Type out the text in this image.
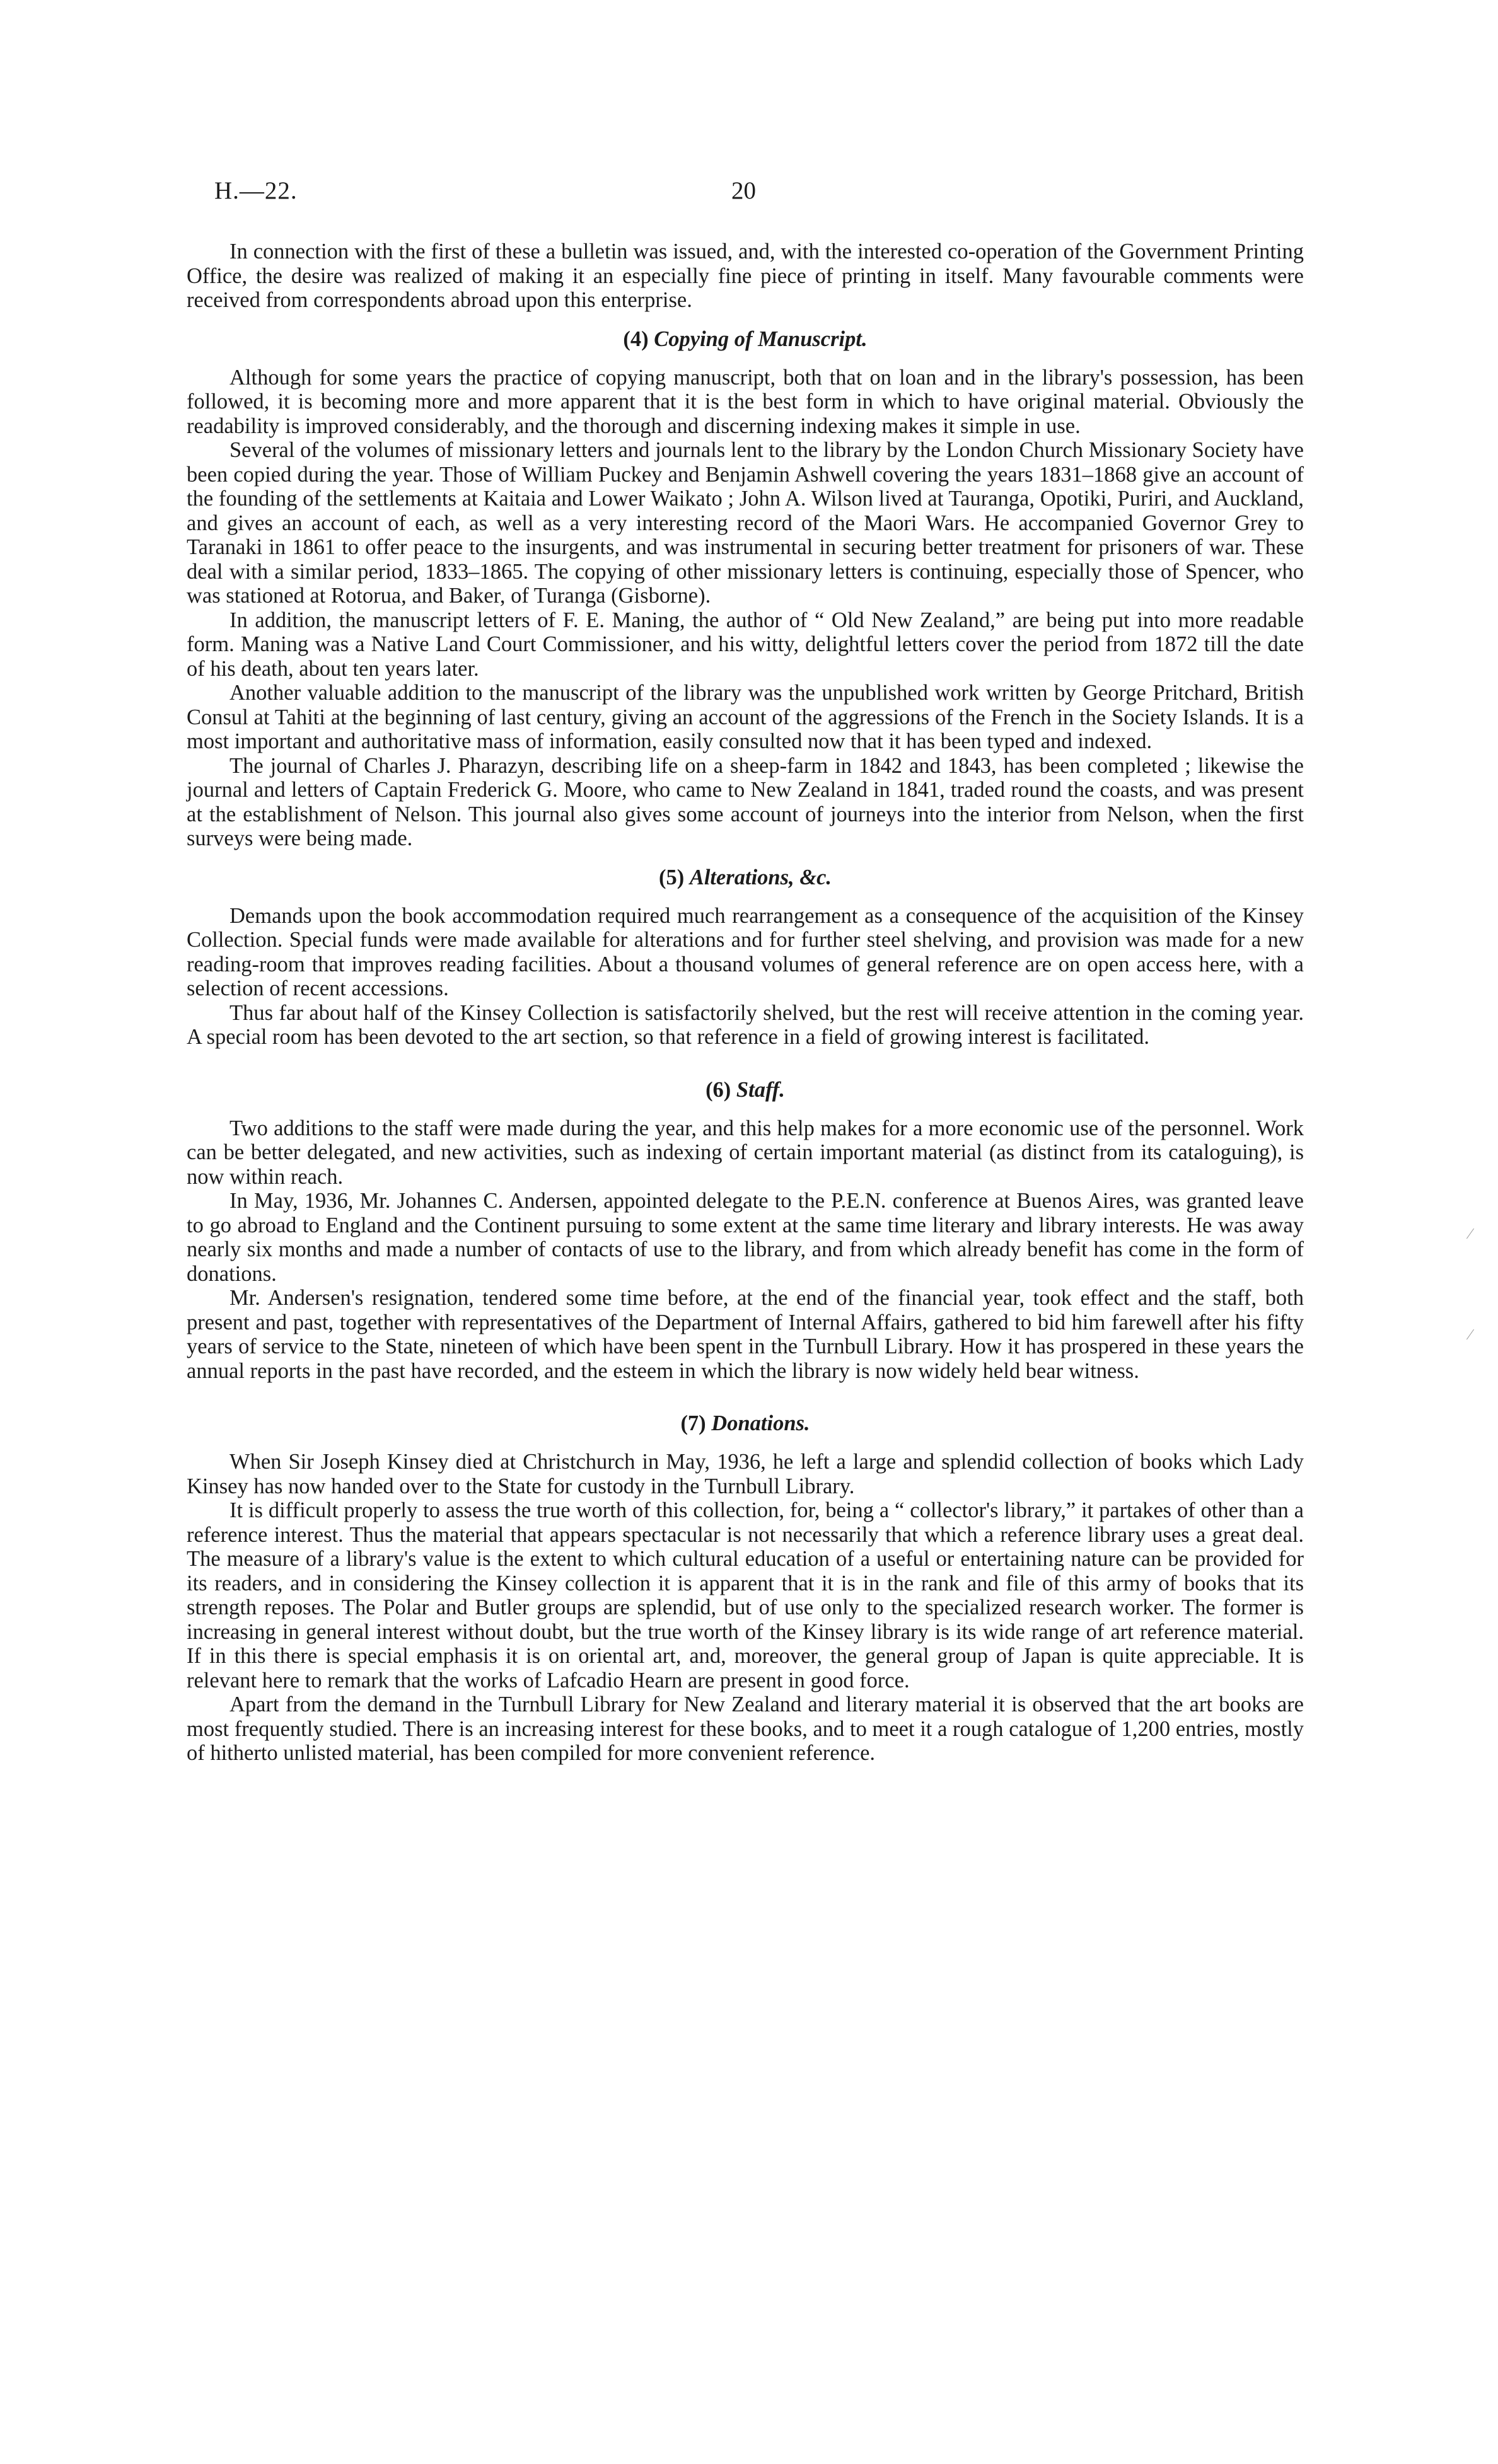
H.—22.	20

In connection with the first of these a bulletin was issued, and, with the interested co-operation of the Government Printing Office, the desire was realized of making it an especially fine piece of printing in itself. Many favourable comments were received from correspondents abroad upon this enterprise.

(4) Copying of Manuscript.

Although for some years the practice of copying manuscript, both that on loan and in the library's possession, has been followed, it is becoming more and more apparent that it is the best form in which to have original material. Obviously the readability is improved considerably, and the thorough and discerning indexing makes it simple in use.

Several of the volumes of missionary letters and journals lent to the library by the London Church Missionary Society have been copied during the year. Those of William Puckey and Benjamin Ashwell covering the years 1831–1868 give an account of the founding of the settlements at Kaitaia and Lower Waikato ; John A. Wilson lived at Tauranga, Opotiki, Puriri, and Auckland, and gives an account of each, as well as a very interesting record of the Maori Wars. He accompanied Governor Grey to Taranaki in 1861 to offer peace to the insurgents, and was instrumental in securing better treatment for prisoners of war. These deal with a similar period, 1833–1865. The copying of other missionary letters is continuing, especially those of Spencer, who was stationed at Rotorua, and Baker, of Turanga (Gisborne).

In addition, the manuscript letters of F. E. Maning, the author of “ Old New Zealand,” are being put into more readable form. Maning was a Native Land Court Commissioner, and his witty, delightful letters cover the period from 1872 till the date of his death, about ten years later.

Another valuable addition to the manuscript of the library was the unpublished work written by George Pritchard, British Consul at Tahiti at the beginning of last century, giving an account of the aggressions of the French in the Society Islands. It is a most important and authoritative mass of information, easily consulted now that it has been typed and indexed.

The journal of Charles J. Pharazyn, describing life on a sheep-farm in 1842 and 1843, has been completed ; likewise the journal and letters of Captain Frederick G. Moore, who came to New Zealand in 1841, traded round the coasts, and was present at the establishment of Nelson. This journal also gives some account of journeys into the interior from Nelson, when the first surveys were being made.

(5) Alterations, &c.

Demands upon the book accommodation required much rearrangement as a consequence of the acquisition of the Kinsey Collection. Special funds were made available for alterations and for further steel shelving, and provision was made for a new reading-room that improves reading facilities. About a thousand volumes of general reference are on open access here, with a selection of recent accessions.

Thus far about half of the Kinsey Collection is satisfactorily shelved, but the rest will receive attention in the coming year. A special room has been devoted to the art section, so that reference in a field of growing interest is facilitated.

(6) Staff.

Two additions to the staff were made during the year, and this help makes for a more economic use of the personnel. Work can be better delegated, and new activities, such as indexing of certain important material (as distinct from its cataloguing), is now within reach.

In May, 1936, Mr. Johannes C. Andersen, appointed delegate to the P.E.N. conference at Buenos Aires, was granted leave to go abroad to England and the Continent pursuing to some extent at the same time literary and library interests. He was away nearly six months and made a number of contacts of use to the library, and from which already benefit has come in the form of donations.

Mr. Andersen's resignation, tendered some time before, at the end of the financial year, took effect and the staff, both present and past, together with representatives of the Department of Internal Affairs, gathered to bid him farewell after his fifty years of service to the State, nineteen of which have been spent in the Turnbull Library. How it has prospered in these years the annual reports in the past have recorded, and the esteem in which the library is now widely held bear witness.

(7) Donations.

When Sir Joseph Kinsey died at Christchurch in May, 1936, he left a large and splendid collection of books which Lady Kinsey has now handed over to the State for custody in the Turnbull Library.

It is difficult properly to assess the true worth of this collection, for, being a “ collector's library,” it partakes of other than a reference interest. Thus the material that appears spectacular is not necessarily that which a reference library uses a great deal. The measure of a library's value is the extent to which cultural education of a useful or entertaining nature can be provided for its readers, and in considering the Kinsey collection it is apparent that it is in the rank and file of this army of books that its strength reposes. The Polar and Butler groups are splendid, but of use only to the specialized research worker. The former is increasing in general interest without doubt, but the true worth of the Kinsey library is its wide range of art reference material. If in this there is special emphasis it is on oriental art, and, moreover, the general group of Japan is quite appreciable. It is relevant here to remark that the works of Lafcadio Hearn are present in good force.

Apart from the demand in the Turnbull Library for New Zealand and literary material it is observed that the art books are most frequently studied. There is an increasing interest for these books, and to meet it a rough catalogue of 1,200 entries, mostly of hitherto unlisted material, has been compiled for more convenient reference.

⁄
⁄
